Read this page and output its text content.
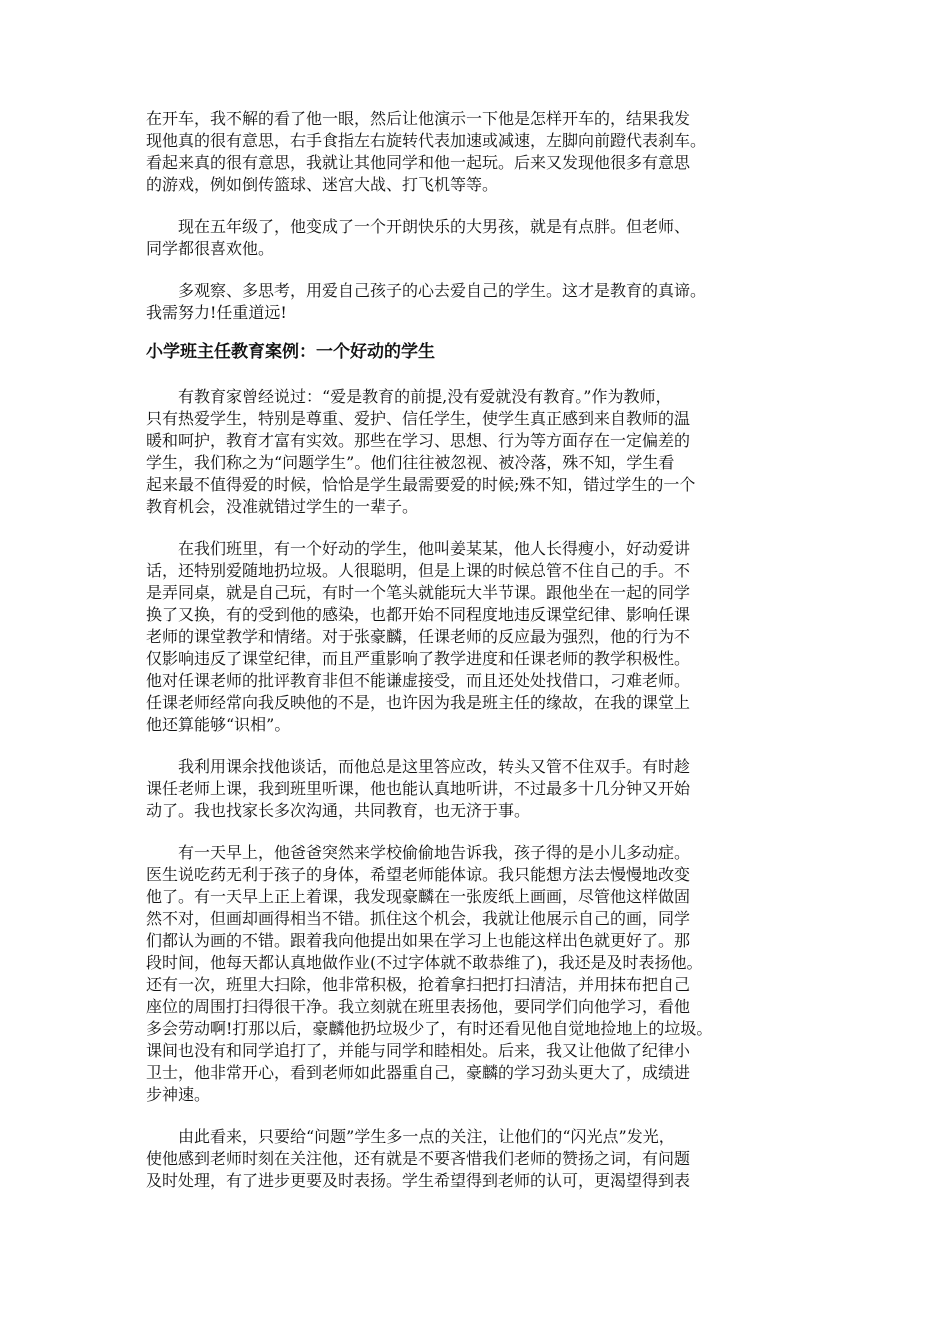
在开车，我不解的看了他一眼，然后让他演示一下他是怎样开车的，结果我发
现他真的很有意思，右手食指左右旋转代表加速或减速，左脚向前蹬代表刹车。
看起来真的很有意思，我就让其他同学和他一起玩。后来又发现他很多有意思
的游戏，例如倒传篮球、迷宫大战、打飞机等等。
　　现在五年级了，他变成了一个开朗快乐的大男孩，就是有点胖。但老师、
同学都很喜欢他。
　　多观察、多思考，用爱自己孩子的心去爱自己的学生。这才是教育的真谛。
我需努力!任重道远!
小学班主任教育案例：一个好动的学生
　　有教育家曾经说过：“爱是教育的前提,没有爱就没有教育。”作为教师，
只有热爱学生，特别是尊重、爱护、信任学生，使学生真正感到来自教师的温
暖和呵护，教育才富有实效。那些在学习、思想、行为等方面存在一定偏差的
学生，我们称之为“问题学生”。他们往往被忽视、被冷落，殊不知，学生看
起来最不值得爱的时候，恰恰是学生最需要爱的时候;殊不知，错过学生的一个
教育机会，没准就错过学生的一辈子。
　　在我们班里，有一个好动的学生，他叫姜某某，他人长得瘦小，好动爱讲
话，还特别爱随地扔垃圾。人很聪明，但是上课的时候总管不住自己的手。不
是弄同桌，就是自己玩，有时一个笔头就能玩大半节课。跟他坐在一起的同学
换了又换，有的受到他的感染，也都开始不同程度地违反课堂纪律、影响任课
老师的课堂教学和情绪。对于张豪麟，任课老师的反应最为强烈，他的行为不
仅影响违反了课堂纪律，而且严重影响了教学进度和任课老师的教学积极性。
他对任课老师的批评教育非但不能谦虚接受，而且还处处找借口，刁难老师。
任课老师经常向我反映他的不是，也许因为我是班主任的缘故，在我的课堂上
他还算能够“识相”。
　　我利用课余找他谈话，而他总是这里答应改，转头又管不住双手。有时趁
课任老师上课，我到班里听课，他也能认真地听讲，不过最多十几分钟又开始
动了。我也找家长多次沟通，共同教育，也无济于事。
　　有一天早上，他爸爸突然来学校偷偷地告诉我，孩子得的是小儿多动症。
医生说吃药无利于孩子的身体，希望老师能体谅。我只能想方法去慢慢地改变
他了。有一天早上正上着课，我发现豪麟在一张废纸上画画，尽管他这样做固
然不对，但画却画得相当不错。抓住这个机会，我就让他展示自己的画，同学
们都认为画的不错。跟着我向他提出如果在学习上也能这样出色就更好了。那
段时间，他每天都认真地做作业(不过字体就不敢恭维了)，我还是及时表扬他。
还有一次，班里大扫除，他非常积极，抢着拿扫把打扫清洁，并用抹布把自己
座位的周围打扫得很干净。我立刻就在班里表扬他，要同学们向他学习，看他
多会劳动啊!打那以后，豪麟他扔垃圾少了，有时还看见他自觉地捡地上的垃圾。
课间也没有和同学追打了，并能与同学和睦相处。后来，我又让他做了纪律小
卫士，他非常开心，看到老师如此器重自己，豪麟的学习劲头更大了，成绩进
步神速。
　　由此看来，只要给“问题”学生多一点的关注，让他们的“闪光点”发光，
使他感到老师时刻在关注他，还有就是不要吝惜我们老师的赞扬之词，有问题
及时处理，有了进步更要及时表扬。学生希望得到老师的认可，更渴望得到表
